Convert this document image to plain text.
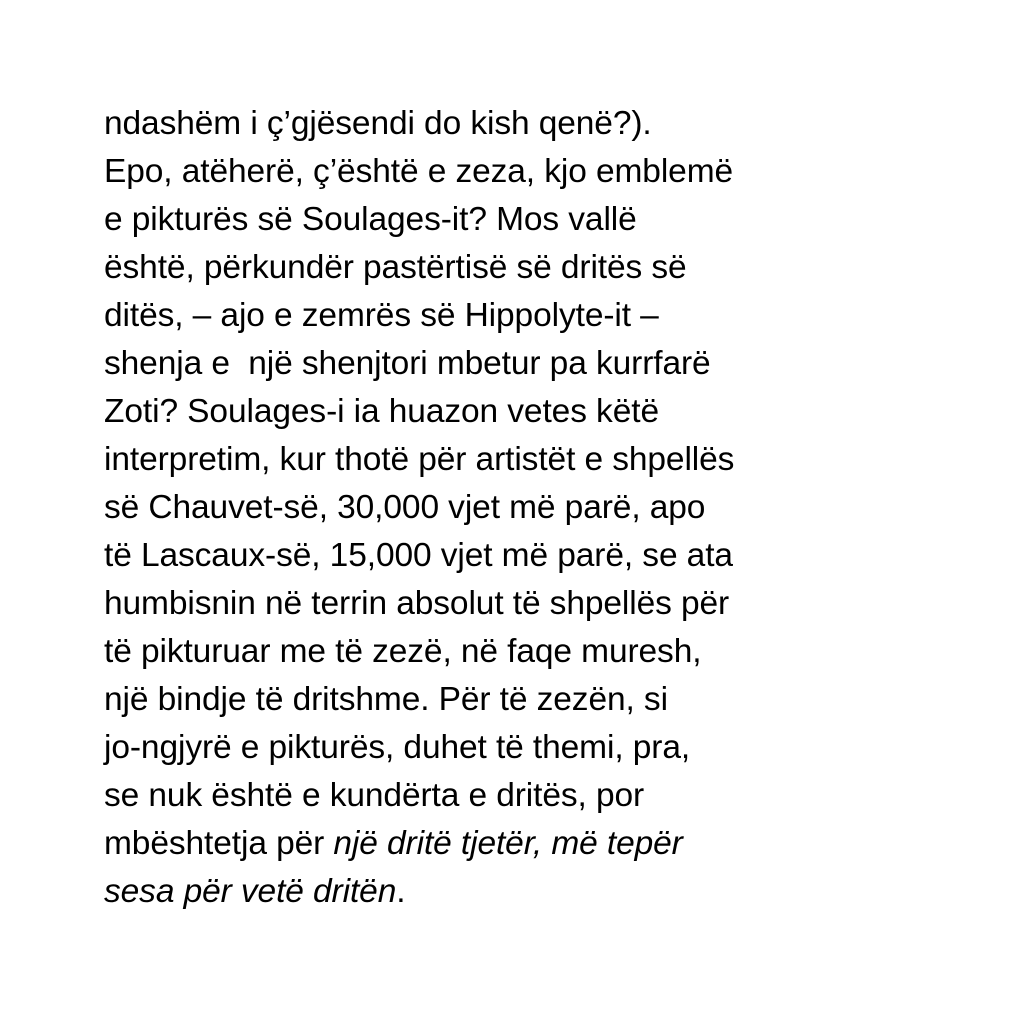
ndashëm i ç’gjësendi do kish qenë?).
Epo, atëherë, ç’është e zeza, kjo emblemë
e pikturës së Soulages-it? Mos vallë
është, përkundër pastërtisë së dritës së
ditës, – ajo e zemrës së Hippolyte-it –
shenja e  një shenjtori mbetur pa kurrfarë
Zoti? Soulages-i ia huazon vetes këtë
interpretim, kur thotë për artistët e shpellës
së Chauvet-së, 30,000 vjet më parë, apo
të Lascaux-së, 15,000 vjet më parë, se ata
humbisnin në terrin absolut të shpellës për
të pikturuar me të zezë, në faqe muresh,
një bindje të dritshme. Për të zezën, si
jo-ngjyrë e pikturës, duhet të themi, pra,
se nuk është e kundërta e dritës, por
mbështetja për një dritë tjetër, më tepër
sesa për vetë dritën.
